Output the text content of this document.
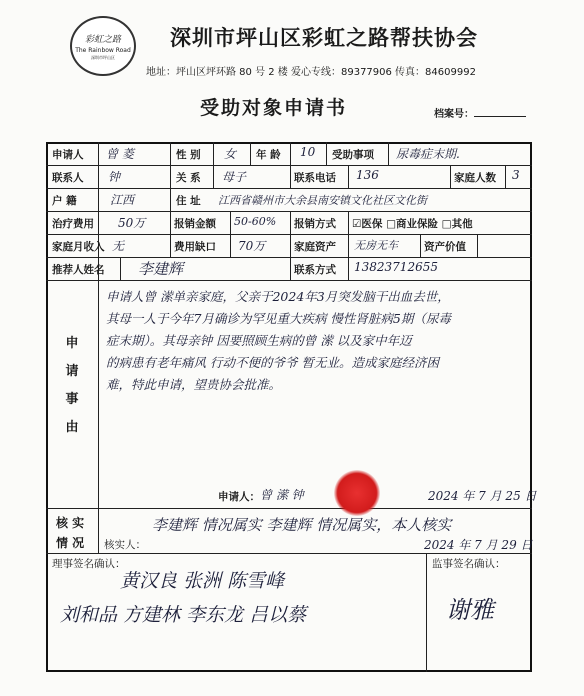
彩虹之路
The Rainbow Road
深圳市坪山区
深圳市坪山区彩虹之路帮扶协会
地址：坪山区坪环路 80 号 2 楼 爱心专线：89377906 传真：84609992
受助对象申请书	档案号：
申请人 曾 菱	性 别 女 年 龄 10 受助事项 尿毒症末期.
联系人 钟	关 系 母子	联系电话 136	家庭人数 3
户 籍	江西	住 址 江西省赣州市大余县南安镇文化社区文化街
治疗费用 50万	报销金额 50-60% 报销方式 ☑医保 □商业保险 □其他
家庭月收入 无	费用缺口 70万	家庭资产 无房无车 资产价值
推荐人姓名 李建辉	联系方式 13823712655
申
请
事
由
申请人曾 潆单亲家庭，父亲于2024年3月突发脑干出血去世，
其母一人于今年7月确诊为罕见重大疾病 慢性肾脏病5期（尿毒
症末期）。其母亲钟 因要照顾生病的曾 潆 以及家中年迈
的病患有老年痛风 行动不便的爷爷 暂无业。造成家庭经济困
难，特此申请，望贵协会批准。
申请人： 曾 潆 钟	2024 年 7 月 25 日
核 实
情 况 核实人：
李建辉 情况属实 李建辉 情况属实，本人核实
2024 年 7 月 29 日
理事签名确认：
黄汉良 张洲 陈雪峰
刘和品 方建林 李东龙 吕以蔡
监事签名确认：
谢雅
